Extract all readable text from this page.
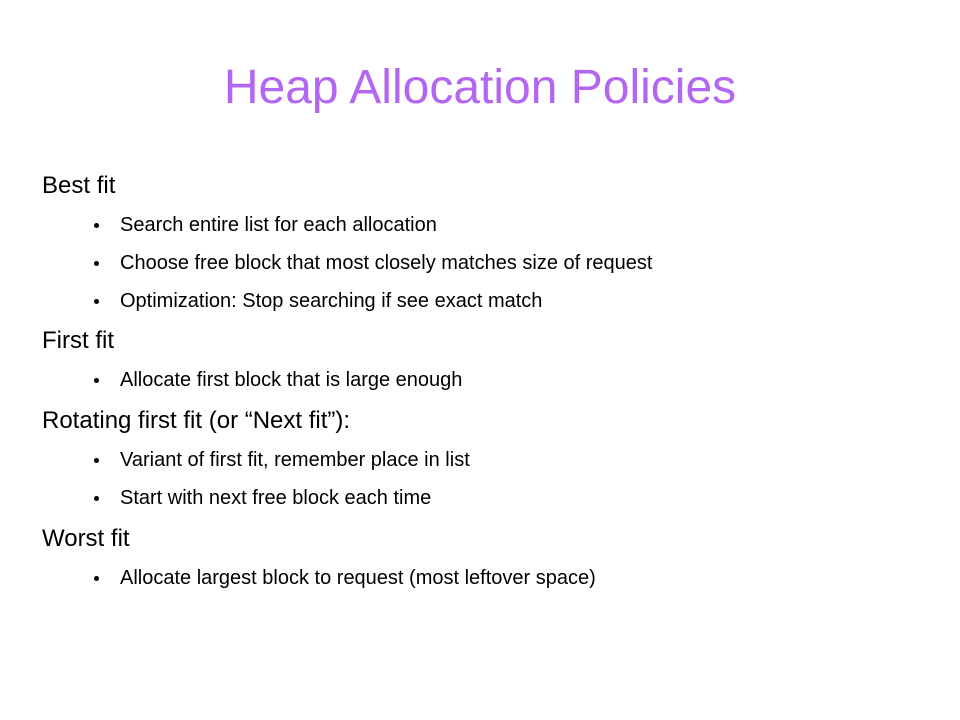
Heap Allocation Policies
Best fit
Search entire list for each allocation
Choose free block that most closely matches size of request
Optimization: Stop searching if see exact match
First fit
Allocate first block that is large enough
Rotating first fit (or “Next fit”):
Variant of first fit, remember place in list
Start with next free block each time
Worst fit
Allocate largest block to request (most leftover space)
